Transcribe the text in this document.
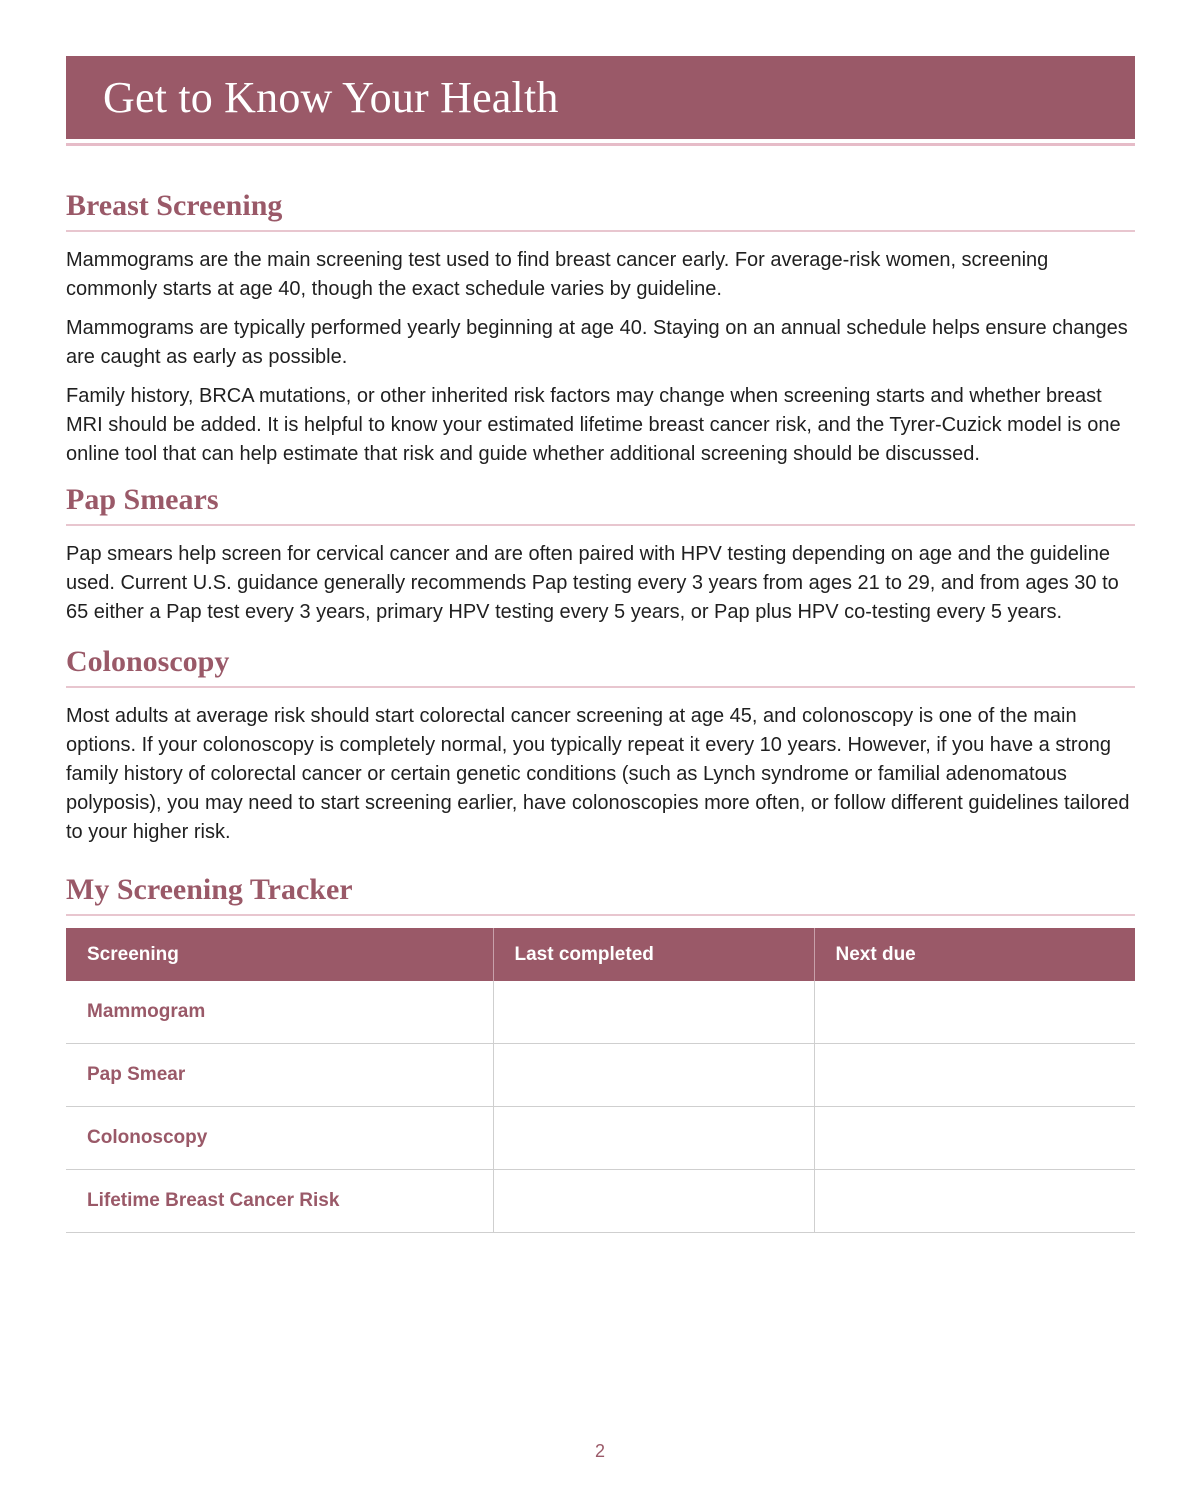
Get to Know Your Health
Breast Screening

Mammograms are the main screening test used to find breast cancer early. For average-risk women, screening commonly starts at age 40, though the exact schedule varies by guideline.

Mammograms are typically performed yearly beginning at age 40. Staying on an annual schedule helps ensure changes are caught as early as possible.

Family history, BRCA mutations, or other inherited risk factors may change when screening starts and whether breast MRI should be added. It is helpful to know your estimated lifetime breast cancer risk, and the Tyrer-Cuzick model is one online tool that can help estimate that risk and guide whether additional screening should be discussed.

Pap Smears

Pap smears help screen for cervical cancer and are often paired with HPV testing depending on age and the guideline used. Current U.S. guidance generally recommends Pap testing every 3 years from ages 21 to 29, and from ages 30 to 65 either a Pap test every 3 years, primary HPV testing every 5 years, or Pap plus HPV co-testing every 5 years.

Colonoscopy

Most adults at average risk should start colorectal cancer screening at age 45, and colonoscopy is one of the main options. If your colonoscopy is completely normal, you typically repeat it every 10 years. However, if you have a strong family history of colorectal cancer or certain genetic conditions (such as Lynch syndrome or familial adenomatous polyposis), you may need to start screening earlier, have colonoscopies more often, or follow different guidelines tailored to your higher risk.

My Screening Tracker
Screening	Last completed	Next due
Mammogram		
Pap Smear		
Colonoscopy		
Lifetime Breast Cancer Risk		
2
